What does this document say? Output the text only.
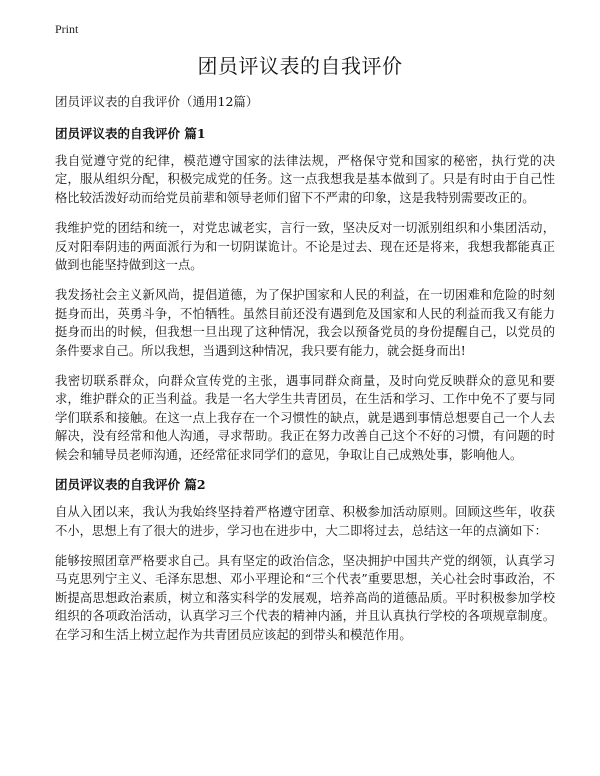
Print
团员评议表的自我评价

团员评议表的自我评价（通用12篇）

团员评议表的自我评价 篇1

我自觉遵守党的纪律，模范遵守国家的法律法规，严格保守党和国家的秘密，执行党的决定，服从组织分配，积极完成党的任务。这一点我想我是基本做到了。只是有时由于自己性格比较活泼好动而给党员前辈和领导老师们留下不严肃的印象，这是我特别需要改正的。

我维护党的团结和统一，对党忠诚老实，言行一致，坚决反对一切派别组织和小集团活动，反对阳奉阴违的两面派行为和一切阴谋诡计。不论是过去、现在还是将来，我想我都能真正做到也能坚持做到这一点。

我发扬社会主义新风尚，提倡道德，为了保护国家和人民的利益，在一切困难和危险的时刻挺身而出，英勇斗争，不怕牺牲。虽然目前还没有遇到危及国家和人民的利益而我又有能力挺身而出的时候，但我想一旦出现了这种情况，我会以预备党员的身份提醒自己，以党员的条件要求自己。所以我想，当遇到这种情况，我只要有能力，就会挺身而出!

我密切联系群众，向群众宣传党的主张，遇事同群众商量，及时向党反映群众的意见和要求，维护群众的正当利益。我是一名大学生共青团员，在生活和学习、工作中免不了要与同学们联系和接触。在这一点上我存在一个习惯性的缺点，就是遇到事情总想要自己一个人去解决，没有经常和他人沟通，寻求帮助。我正在努力改善自己这个不好的习惯，有问题的时候会和辅导员老师沟通，还经常征求同学们的意见，争取让自己成熟处事，影响他人。

团员评议表的自我评价 篇2

自从入团以来，我认为我始终坚持着严格遵守团章、积极参加活动原则。回顾这些年，收获不小，思想上有了很大的进步，学习也在进步中，大二即将过去，总结这一年的点滴如下：

能够按照团章严格要求自己。具有坚定的政治信念，坚决拥护中国共产党的纲领，认真学习马克思列宁主义、毛泽东思想、邓小平理论和“三个代表”重要思想，关心社会时事政治，不断提高思想政治素质，树立和落实科学的发展观，培养高尚的道德品质。平时积极参加学校组织的各项政治活动，认真学习三个代表的精神内涵，并且认真执行学校的各项规章制度。在学习和生活上树立起作为共青团员应该起的到带头和模范作用。
